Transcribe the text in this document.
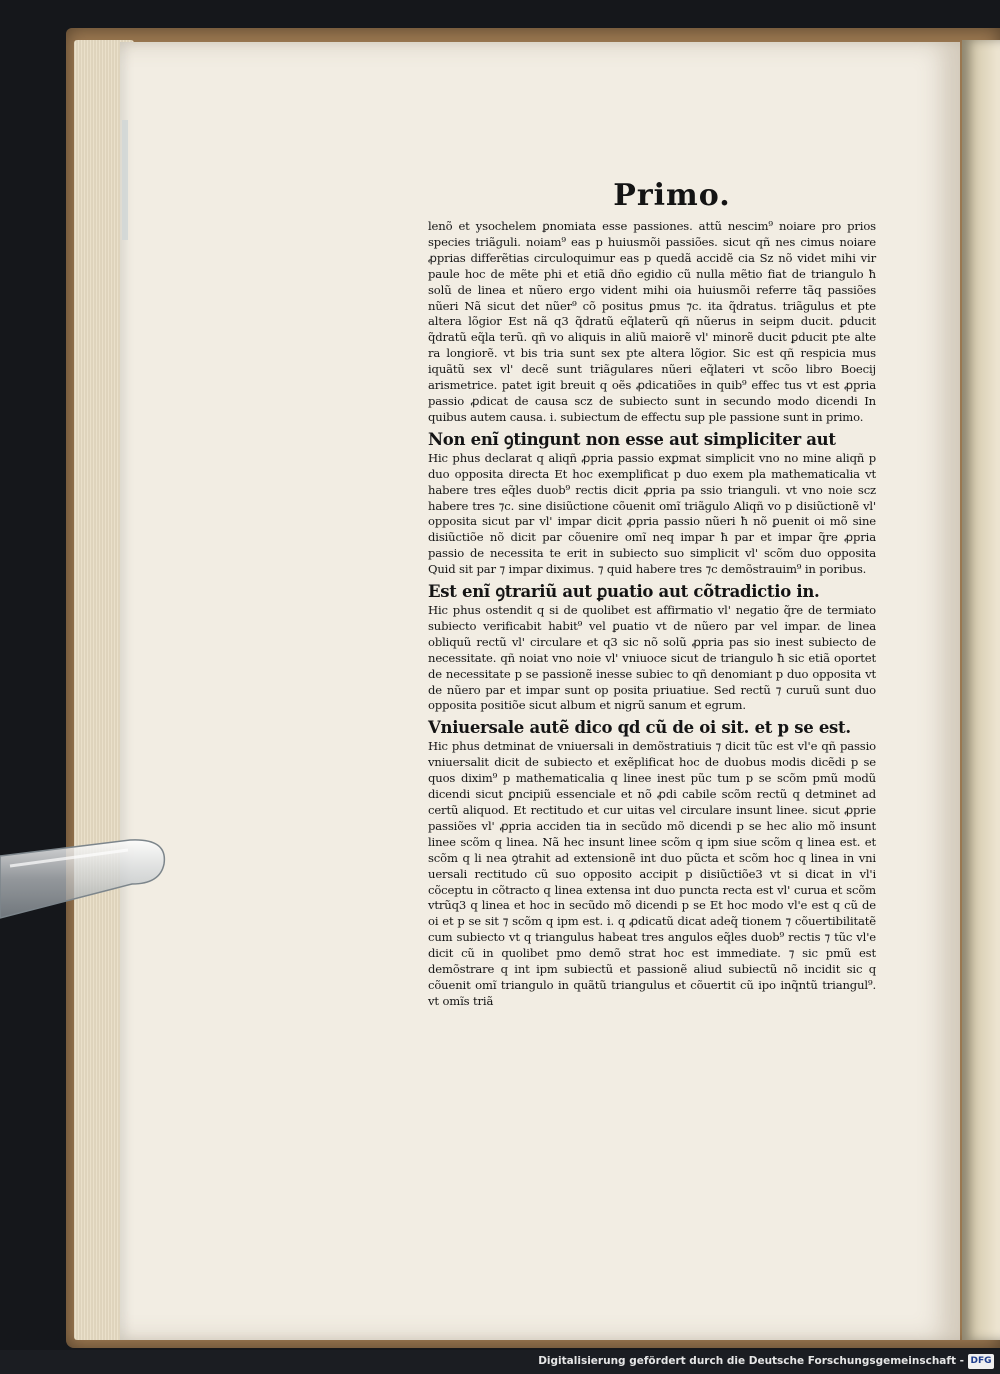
Primo.

lenõ et ysochelem ꝑnomiata esse passiones. attũ nescim⁹ noiare pro prios species triãguli. noiam⁹ eas p huiusmõi passiões. sicut qñ nes cimus noiare ꝓprias differẽtias circuloquimur eas p quedã accidẽ cia Sz nõ videt mihi vir paule hoc de mẽte phi et etiã dño egidio cũ nulla mẽtio fiat de triangulo ħ solũ de linea et nũero ergo vident mihi oia huiusmõi referre tãq passiões nũeri Nã sicut det nũer⁹ cõ positus ꝑmus ⁊c. ita q̃dratus. triãgulus et pte altera lõgior Est nã q3 q̃dratũ eq̃laterũ qñ nũerus in seipm ducit. ꝑducit q̃dratũ eq̃la terũ. qñ vo aliquis in aliũ maiorẽ vl' minorẽ ducit ꝑducit pte alte ra longiorẽ. vt bis tria sunt sex pte altera lõgior. Sic est qñ respicia mus iquãtũ sex vl' decẽ sunt triãgulares nũeri eq̃lateri vt scõo libro Boecij arismetrice. patet igit breuit q oẽs ꝓdicatiões in quib⁹ effec tus vt est ꝓpria passio ꝓdicat de causa scz de subiecto sunt in secundo modo dicendi In quibus autem causa. i. subiectum de effectu sup ple passione sunt in primo.

Non enĩ ꝯtingunt non esse aut simpliciter aut

Hic phus declarat q aliqñ ꝓpria passio exꝑmat simplicit vno no mine aliqñ p duo opposita directa Et hoc exemplificat p duo exem pla mathematicalia vt habere tres eq̃les duob⁹ rectis dicit ꝓpria pa ssio trianguli. vt vno noie scz habere tres ⁊c. sine disiũctione cõuenit omĩ triãgulo Aliqñ vo p disiũctionẽ vl' opposita sicut par vl' impar dicit ꝓpria passio nũeri ħ nõ ꝑuenit oi mõ sine disiũctiõe nõ dicit par cõuenire omĩ neq impar ħ par et impar q̃re ꝓpria passio de necessita te erit in subiecto suo simplicit vl' scõm duo opposita Quid sit par ⁊ impar diximus. ⁊ quid habere tres ⁊c demõstrauim⁹ in poribus.

Est enĩ ꝯtrariũ aut ꝑuatio aut cõtradictio in.

Hic phus ostendit q si de quolibet est affirmatio vl' negatio q̃re de termiato subiecto verificabit habit⁹ vel ꝑuatio vt de nũero par vel impar. de linea obliquũ rectũ vl' circulare et q3 sic nõ solũ ꝓpria pas sio inest subiecto de necessitate. qñ noiat vno noie vl' vniuoce sicut de triangulo ħ sic etiã oportet de necessitate p se passionẽ inesse subiec to qñ denomiant p duo opposita vt de nũero par et impar sunt op posita priuatiue. Sed rectũ ⁊ curuũ sunt duo opposita positiõe sicut album et nigrũ sanum et egrum.

Vniuersale autẽ dico qd cũ de oi sit. et p se est.

Hic phus detminat de vniuersali in demõstratiuis ⁊ dicit tũc est vl'e qñ passio vniuersalit dicit de subiecto et exẽplificat hoc de duobus modis dicẽdi p se quos dixim⁹ p mathematicalia q linee inest pũc tum p se scõm pmũ modũ dicendi sicut ꝑncipiũ essenciale et nõ ꝓdi cabile scõm rectũ q detminet ad certũ aliquod. Et rectitudo et cur uitas vel circulare insunt linee. sicut ꝓprie passiões vl' ꝓpria acciden tia in secũdo mõ dicendi p se hec alio mõ insunt linee scõm q linea. Nã hec insunt linee scõm q ipm siue scõm q linea est. et scõm q li nea ꝯtrahit ad extensionẽ int duo pũcta et scõm hoc q linea in vni uersali rectitudo cũ suo opposito accipit p disiũctiõe3 vt si dicat in vl'i cõceptu in cõtracto q linea extensa int duo puncta recta est vl' curua et scõm vtrũq3 q linea et hoc in secũdo mõ dicendi p se Et hoc modo vl'e est q cũ de oi et p se sit ⁊ scõm q ipm est. i. q ꝓdicatũ dicat adeq̃ tionem ⁊ cõuertibilitatẽ cum subiecto vt q triangulus habeat tres angulos eq̃les duob⁹ rectis ⁊ tũc vl'e dicit cũ in quolibet pmo demõ strat hoc est immediate. ⁊ sic pmũ est demõstrare q int ipm subiectũ et passionẽ aliud subiectũ nõ incidit sic q cõuenit omĩ triangulo in quãtũ triangulus et cõuertit cũ ipo inq̃ntũ triangul⁹. vt omĩs triã

Digitalisierung gefördert durch die Deutsche Forschungsgemeinschaft - DFG
